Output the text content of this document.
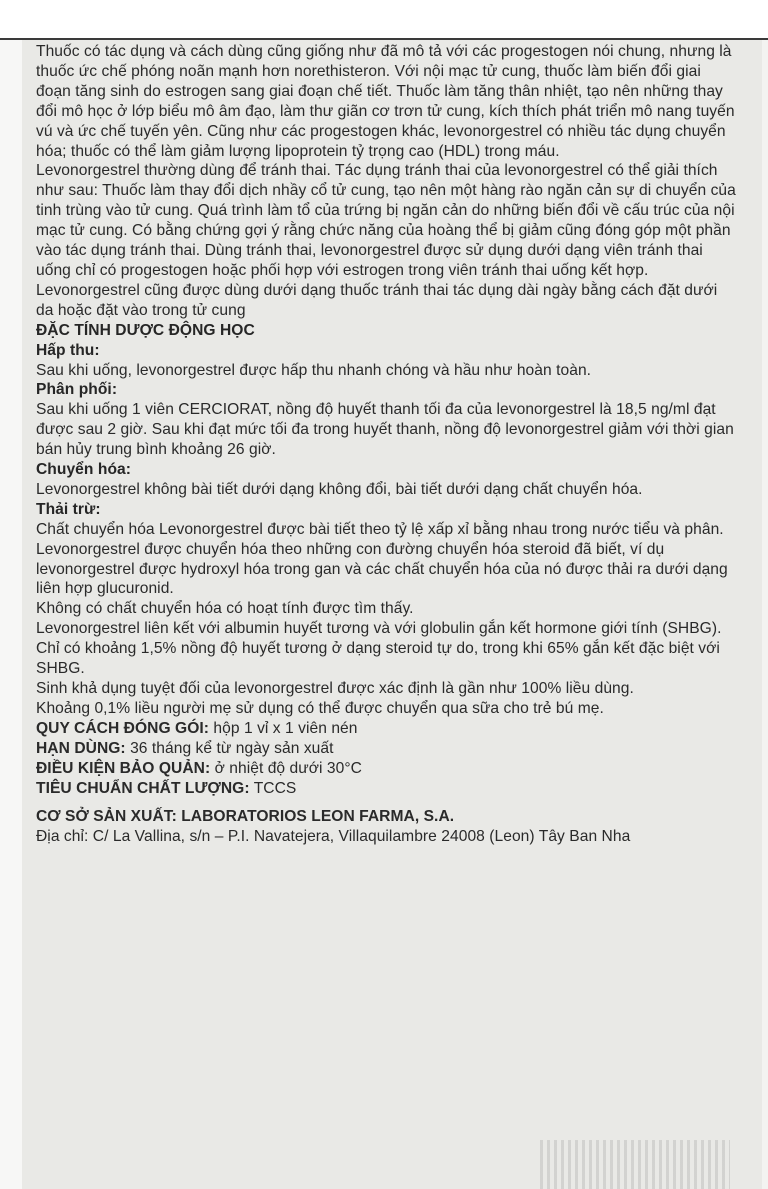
Thuốc có tác dụng và cách dùng cũng giống như đã mô tả với các progestogen nói chung, nhưng là thuốc ức chế phóng noãn mạnh hơn norethisteron. Với nội mạc tử cung, thuốc làm biến đổi giai đoạn tăng sinh do estrogen sang giai đoạn chế tiết. Thuốc làm tăng thân nhiệt, tạo nên những thay đổi mô học ở lớp biểu mô âm đạo, làm thư giãn cơ trơn tử cung, kích thích phát triển mô nang tuyến vú và ức chế tuyến yên. Cũng như các progestogen khác, levonorgestrel có nhiều tác dụng chuyển hóa; thuốc có thể làm giảm lượng lipoprotein tỷ trọng cao (HDL) trong máu.

Levonorgestrel thường dùng để tránh thai. Tác dụng tránh thai của levonorgestrel có thể giải thích như sau: Thuốc làm thay đổi dịch nhầy cổ tử cung, tạo nên một hàng rào ngăn cản sự di chuyển của tinh trùng vào tử cung. Quá trình làm tổ của trứng bị ngăn cản do những biến đổi về cấu trúc của nội mạc tử cung. Có bằng chứng gợi ý rằng chức năng của hoàng thể bị giảm cũng đóng góp một phần vào tác dụng tránh thai. Dùng tránh thai, levonorgestrel được sử dụng dưới dạng viên tránh thai uống chỉ có progestogen hoặc phối hợp với estrogen trong viên tránh thai uống kết hợp. Levonorgestrel cũng được dùng dưới dạng thuốc tránh thai tác dụng dài ngày bằng cách đặt dưới da hoặc đặt vào trong tử cung

ĐẶC TÍNH DƯỢC ĐỘNG HỌC
Hấp thu:

Sau khi uống, levonorgestrel được hấp thu nhanh chóng và hầu như hoàn toàn.

Phân phối:

Sau khi uống 1 viên CERCIORAT, nồng độ huyết thanh tối đa của levonorgestrel là 18,5 ng/ml đạt được sau 2 giờ. Sau khi đạt mức tối đa trong huyết thanh, nồng độ levonorgestrel giảm với thời gian bán hủy trung bình khoảng 26 giờ.

Chuyển hóa:

Levonorgestrel không bài tiết dưới dạng không đổi, bài tiết dưới dạng chất chuyển hóa.

Thải trừ:

Chất chuyển hóa Levonorgestrel được bài tiết theo tỷ lệ xấp xỉ bằng nhau trong nước tiểu và phân. Levonorgestrel được chuyển hóa theo những con đường chuyển hóa steroid đã biết, ví dụ levonorgestrel được hydroxyl hóa trong gan và các chất chuyển hóa của nó được thải ra dưới dạng liên hợp glucuronid.

Không có chất chuyển hóa có hoạt tính được tìm thấy.

Levonorgestrel liên kết với albumin huyết tương và với globulin gắn kết hormone giới tính (SHBG). Chỉ có khoảng 1,5% nồng độ huyết tương ở dạng steroid tự do, trong khi 65% gắn kết đặc biệt với SHBG.

Sinh khả dụng tuyệt đối của levonorgestrel được xác định là gần như 100% liều dùng.

Khoảng 0,1% liều người mẹ sử dụng có thể được chuyển qua sữa cho trẻ bú mẹ.

QUY CÁCH ĐÓNG GÓI: hộp 1 vỉ x 1 viên nén

HẠN DÙNG: 36 tháng kể từ ngày sản xuất

ĐIỀU KIỆN BẢO QUẢN: ở nhiệt độ dưới 30°C

TIÊU CHUẨN CHẤT LƯỢNG: TCCS

CƠ SỞ SẢN XUẤT: LABORATORIOS LEON FARMA, S.A.

Địa chỉ: C/ La Vallina, s/n – P.I. Navatejera, Villaquilambre 24008 (Leon) Tây Ban Nha
